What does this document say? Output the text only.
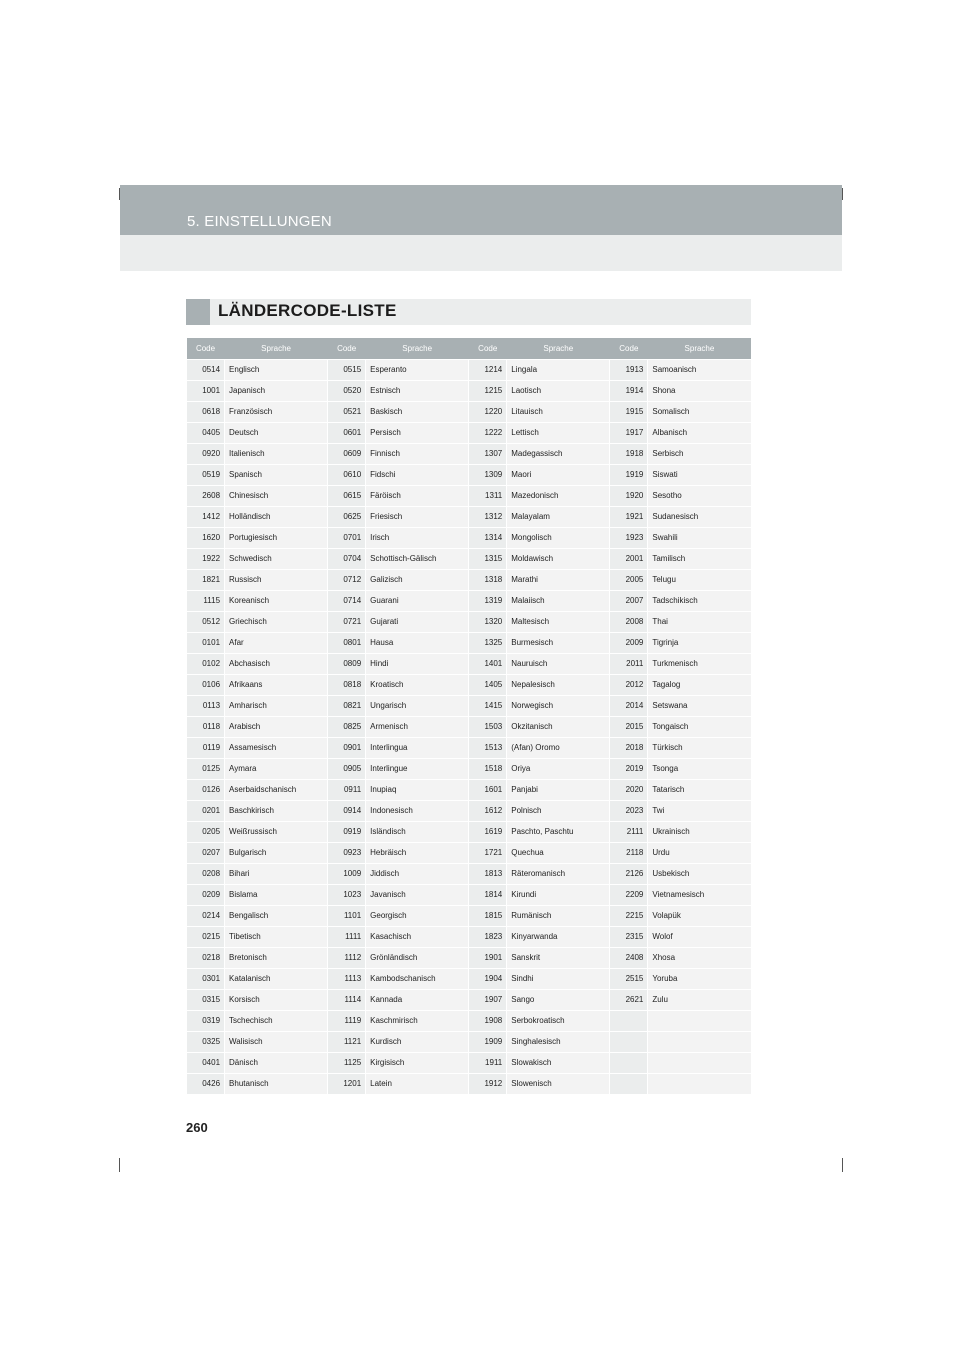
5. EINSTELLUNGEN
LÄNDERCODE-LISTE
Code	Sprache	Code	Sprache	Code	Sprache	Code	Sprache
0514	Englisch	0515	Esperanto	1214	Lingala	1913	Samoanisch
1001	Japanisch	0520	Estnisch	1215	Laotisch	1914	Shona
0618	Französisch	0521	Baskisch	1220	Litauisch	1915	Somalisch
0405	Deutsch	0601	Persisch	1222	Lettisch	1917	Albanisch
0920	Italienisch	0609	Finnisch	1307	Madegassisch	1918	Serbisch
0519	Spanisch	0610	Fidschi	1309	Maori	1919	Siswati
2608	Chinesisch	0615	Färöisch	1311	Mazedonisch	1920	Sesotho
1412	Holländisch	0625	Friesisch	1312	Malayalam	1921	Sudanesisch
1620	Portugiesisch	0701	Irisch	1314	Mongolisch	1923	Swahili
1922	Schwedisch	0704	Schottisch-Gälisch	1315	Moldawisch	2001	Tamilisch
1821	Russisch	0712	Galizisch	1318	Marathi	2005	Telugu
1115	Koreanisch	0714	Guarani	1319	Malaiisch	2007	Tadschikisch
0512	Griechisch	0721	Gujarati	1320	Maltesisch	2008	Thai
0101	Afar	0801	Hausa	1325	Burmesisch	2009	Tigrinja
0102	Abchasisch	0809	Hindi	1401	Nauruisch	2011	Turkmenisch
0106	Afrikaans	0818	Kroatisch	1405	Nepalesisch	2012	Tagalog
0113	Amharisch	0821	Ungarisch	1415	Norwegisch	2014	Setswana
0118	Arabisch	0825	Armenisch	1503	Okzitanisch	2015	Tongaisch
0119	Assamesisch	0901	Interlingua	1513	(Afan) Oromo	2018	Türkisch
0125	Aymara	0905	Interlingue	1518	Oriya	2019	Tsonga
0126	Aserbaidschanisch	0911	Inupiaq	1601	Panjabi	2020	Tatarisch
0201	Baschkirisch	0914	Indonesisch	1612	Polnisch	2023	Twi
0205	Weißrussisch	0919	Isländisch	1619	Paschto, Paschtu	2111	Ukrainisch
0207	Bulgarisch	0923	Hebräisch	1721	Quechua	2118	Urdu
0208	Bihari	1009	Jiddisch	1813	Räteromanisch	2126	Usbekisch
0209	Bislama	1023	Javanisch	1814	Kirundi	2209	Vietnamesisch
0214	Bengalisch	1101	Georgisch	1815	Rumänisch	2215	Volapük
0215	Tibetisch	1111	Kasachisch	1823	Kinyarwanda	2315	Wolof
0218	Bretonisch	1112	Grönländisch	1901	Sanskrit	2408	Xhosa
0301	Katalanisch	1113	Kambodschanisch	1904	Sindhi	2515	Yoruba
0315	Korsisch	1114	Kannada	1907	Sango	2621	Zulu
0319	Tschechisch	1119	Kaschmirisch	1908	Serbokroatisch		
0325	Walisisch	1121	Kurdisch	1909	Singhalesisch		
0401	Dänisch	1125	Kirgisisch	1911	Slowakisch		
0426	Bhutanisch	1201	Latein	1912	Slowenisch		
260
